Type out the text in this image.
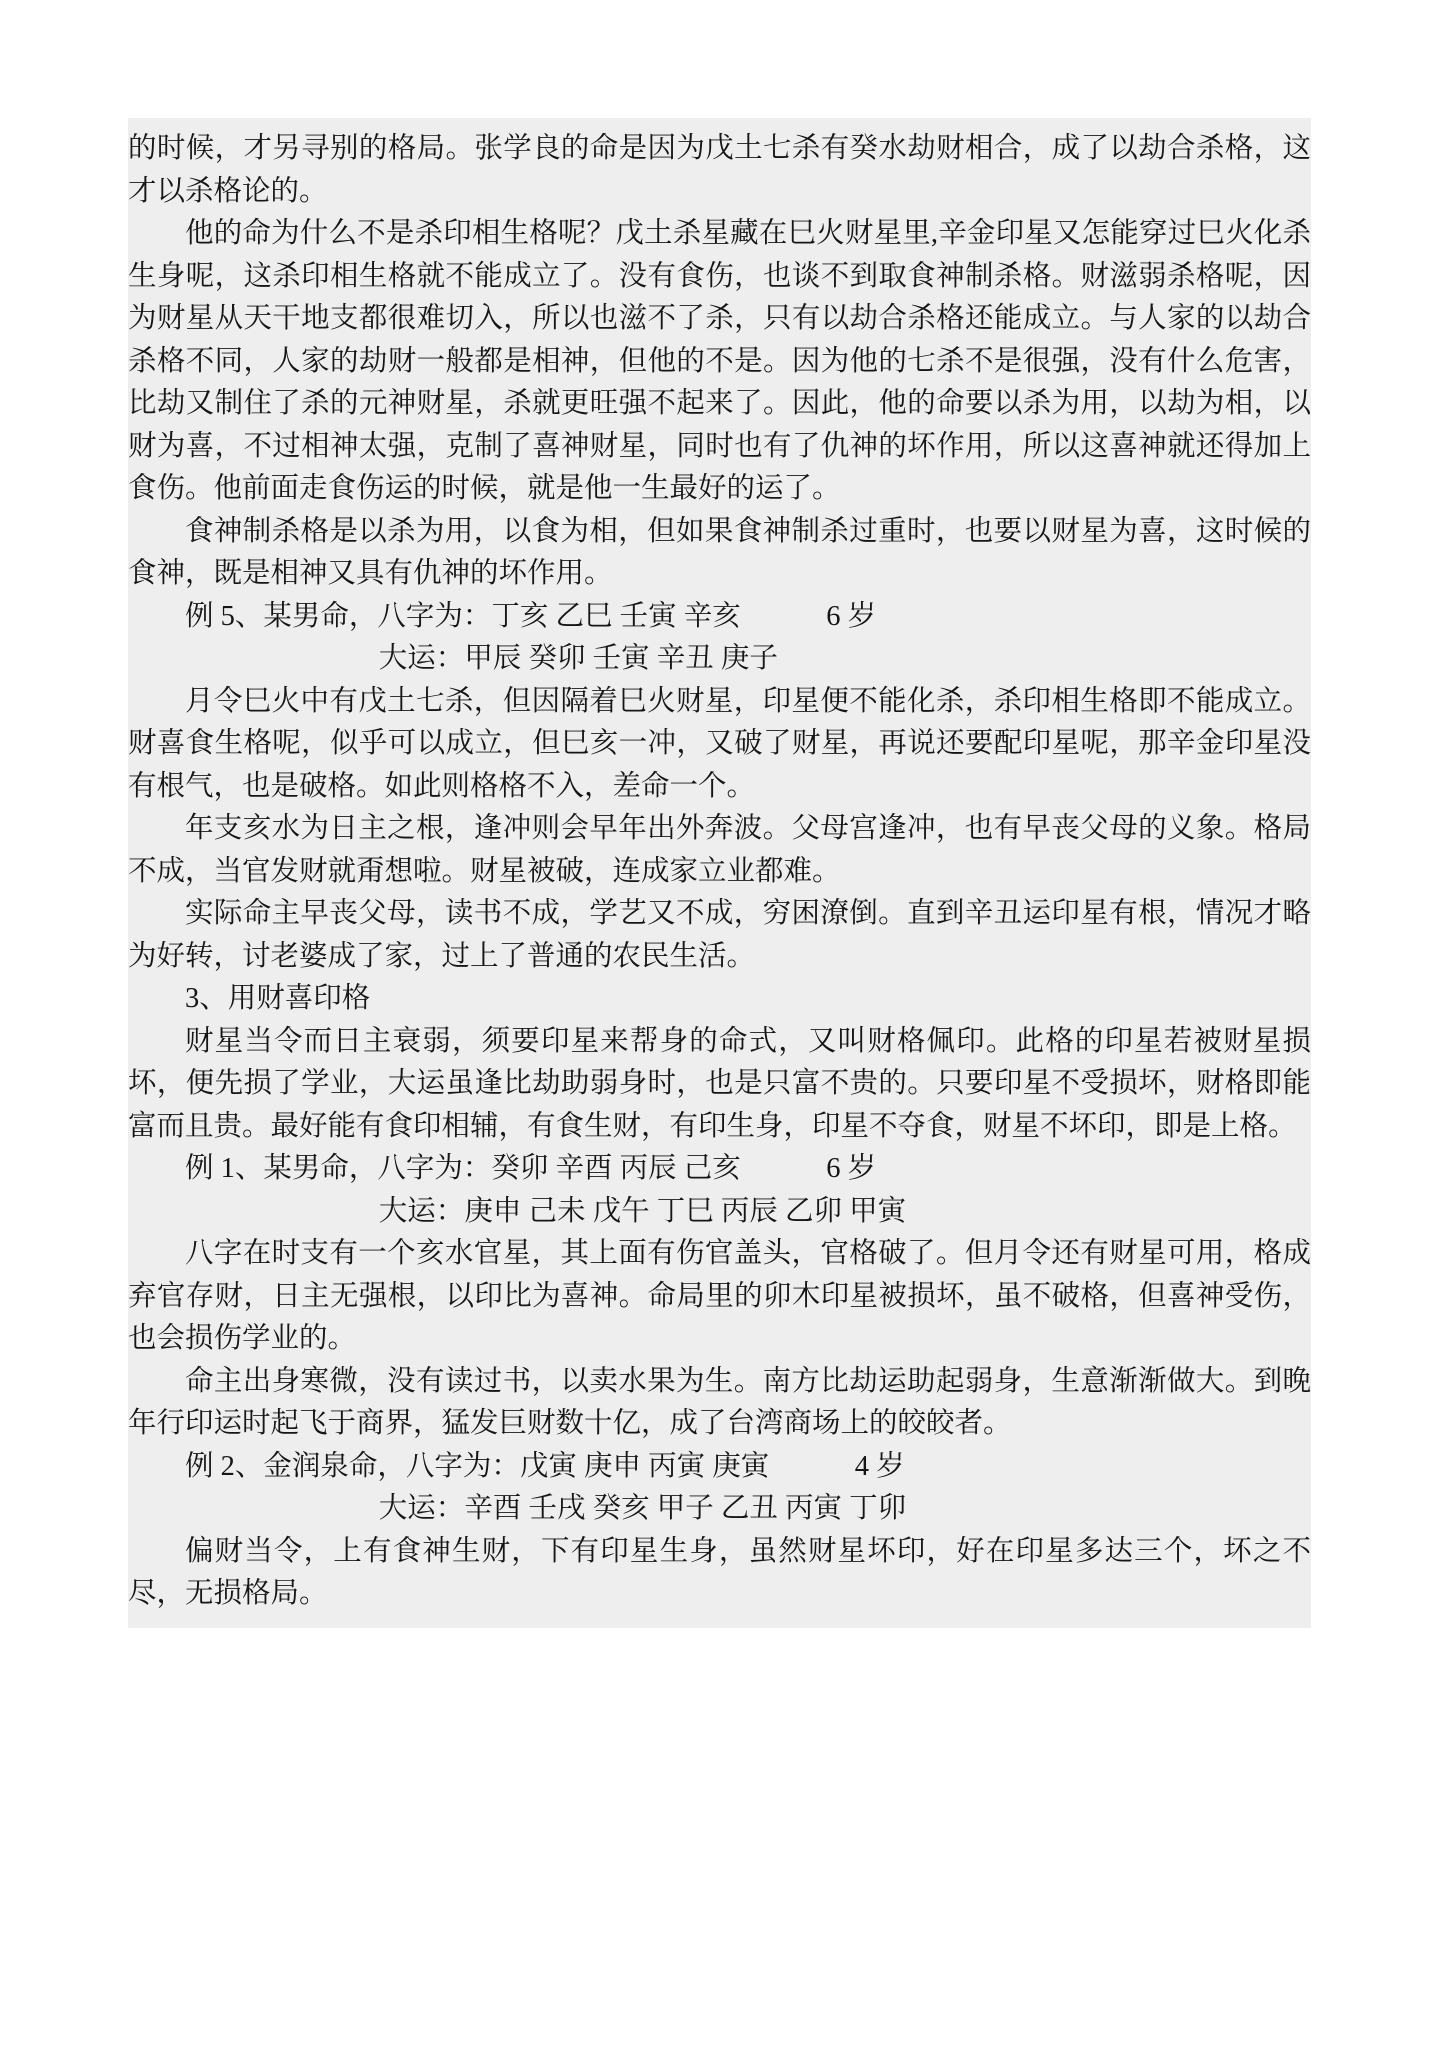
的时候，才另寻别的格局。张学良的命是因为戊土七杀有癸水劫财相合，成了以劫合杀格，这才以杀格论的。

他的命为什么不是杀印相生格呢？戊土杀星藏在巳火财星里,辛金印星又怎能穿过巳火化杀生身呢，这杀印相生格就不能成立了。没有食伤，也谈不到取食神制杀格。财滋弱杀格呢，因为财星从天干地支都很难切入，所以也滋不了杀，只有以劫合杀格还能成立。与人家的以劫合杀格不同，人家的劫财一般都是相神，但他的不是。因为他的七杀不是很强，没有什么危害，比劫又制住了杀的元神财星，杀就更旺强不起来了。因此，他的命要以杀为用，以劫为相，以财为喜，不过相神太强，克制了喜神财星，同时也有了仇神的坏作用，所以这喜神就还得加上食伤。他前面走食伤运的时候，就是他一生最好的运了。

食神制杀格是以杀为用，以食为相，但如果食神制杀过重时，也要以财星为喜，这时候的食神，既是相神又具有仇神的坏作用。

例 5、某男命，八字为：丁亥 乙巳 壬寅 辛亥	6 岁

大运：甲辰 癸卯 壬寅 辛丑 庚子

月令巳火中有戊土七杀，但因隔着巳火财星，印星便不能化杀，杀印相生格即不能成立。财喜食生格呢，似乎可以成立，但巳亥一冲，又破了财星，再说还要配印星呢，那辛金印星没有根气，也是破格。如此则格格不入，差命一个。

年支亥水为日主之根，逢冲则会早年出外奔波。父母宫逢冲，也有早丧父母的义象。格局不成，当官发财就甭想啦。财星被破，连成家立业都难。

实际命主早丧父母，读书不成，学艺又不成，穷困潦倒。直到辛丑运印星有根，情况才略为好转，讨老婆成了家，过上了普通的农民生活。

3、用财喜印格

财星当令而日主衰弱，须要印星来帮身的命式，又叫财格佩印。此格的印星若被财星损坏，便先损了学业，大运虽逢比劫助弱身时，也是只富不贵的。只要印星不受损坏，财格即能富而且贵。最好能有食印相辅，有食生财，有印生身，印星不夺食，财星不坏印，即是上格。

例 1、某男命，八字为：癸卯 辛酉 丙辰 己亥	6 岁

大运：庚申 己未 戊午 丁巳 丙辰 乙卯 甲寅

八字在时支有一个亥水官星，其上面有伤官盖头，官格破了。但月令还有财星可用，格成弃官存财，日主无强根，以印比为喜神。命局里的卯木印星被损坏，虽不破格，但喜神受伤，也会损伤学业的。

命主出身寒微，没有读过书，以卖水果为生。南方比劫运助起弱身，生意渐渐做大。到晚年行印运时起飞于商界，猛发巨财数十亿，成了台湾商场上的皎皎者。

例 2、金润泉命，八字为：戊寅 庚申 丙寅 庚寅	4 岁

大运：辛酉 壬戌 癸亥 甲子 乙丑 丙寅 丁卯

偏财当令，上有食神生财，下有印星生身，虽然财星坏印，好在印星多达三个，坏之不尽，无损格局。
